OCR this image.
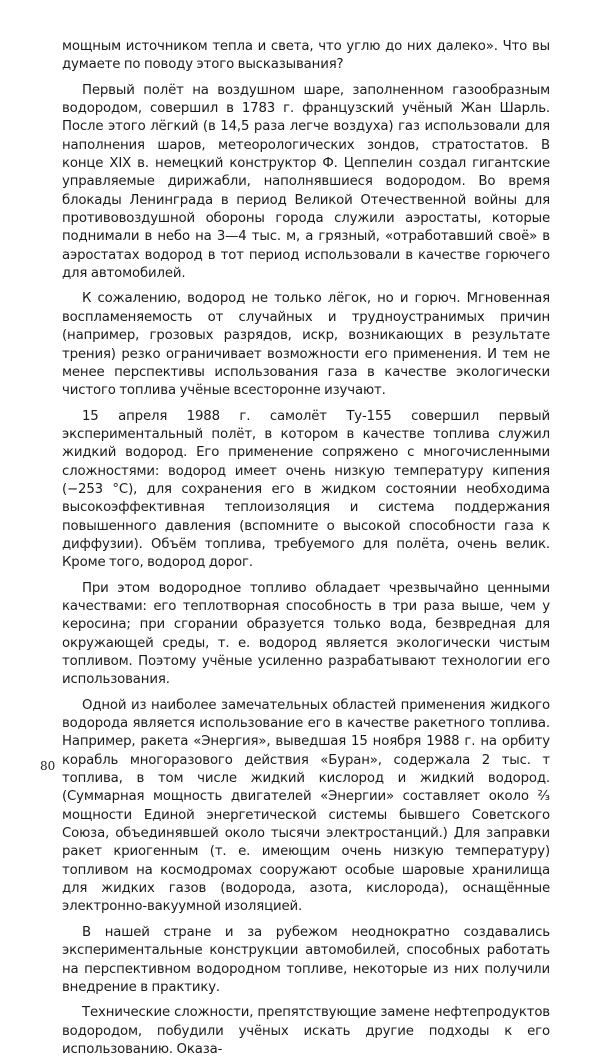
мощным источником тепла и света, что углю до них далеко». Что вы думаете по поводу этого высказывания?

Первый полёт на воздушном шаре, заполненном газообразным водородом, совершил в 1783 г. французский учёный Жан Шарль. После этого лёгкий (в 14,5 раза легче воздуха) газ использовали для наполнения шаров, метеорологических зондов, стратостатов. В конце XIX в. немецкий конструктор Ф. Цеппелин создал гигантские управляемые дирижабли, наполнявшиеся водородом. Во время блокады Ленинграда в период Великой Отечественной войны для противовоздушной обороны города служили аэростаты, которые поднимали в небо на 3—4 тыс. м, а грязный, «отработавший своё» в аэростатах водород в тот период использовали в качестве горючего для автомобилей.

К сожалению, водород не только лёгок, но и горюч. Мгновенная воспламеняемость от случайных и трудноустранимых причин (например, грозовых разрядов, искр, возникающих в результате трения) резко ограничивает возможности его применения. И тем не менее перспективы использования газа в качестве экологически чистого топлива учёные всесторонне изучают.

15 апреля 1988 г. самолёт Ту-155 совершил первый экспериментальный полёт, в котором в качестве топлива служил жидкий водород. Его применение сопряжено с многочисленными сложностями: водород имеет очень низкую температуру кипения (−253 °C), для сохранения его в жидком состоянии необходима высокоэффективная теплоизоляция и система поддержания повышенного давления (вспомните о высокой способности газа к диффузии). Объём топлива, требуемого для полёта, очень велик. Кроме того, водород дорог.

При этом водородное топливо обладает чрезвычайно ценными качествами: его теплотворная способность в три раза выше, чем у керосина; при сгорании образуется только вода, безвредная для окружающей среды, т. е. водород является экологически чистым топливом. Поэтому учёные усиленно разрабатывают технологии его использования.

Одной из наиболее замечательных областей применения жидкого водорода является использование его в качестве ракетного топлива. Например, ракета «Энергия», выведшая 15 ноября 1988 г. на орбиту корабль многоразового действия «Буран», содержала 2 тыс. т топлива, в том числе жидкий кислород и жидкий водород. (Суммарная мощность двигателей «Энергии» составляет около ²⁄₃ мощности Единой энергетической системы бывшего Советского Союза, объединявшей около тысячи электростанций.) Для заправки ракет криогенным (т. е. имеющим очень низкую температуру) топливом на космодромах сооружают особые шаровые хранилища для жидких газов (водорода, азота, кислорода), оснащённые электронно-вакуумной изоляцией.

В нашей стране и за рубежом неоднократно создавались экспериментальные конструкции автомобилей, способных работать на перспективном водородном топливе, некоторые из них получили внедрение в практику.

Технические сложности, препятствующие замене нефтепродуктов водородом, побудили учёных искать другие подходы к его использованию. Оказа-

80
